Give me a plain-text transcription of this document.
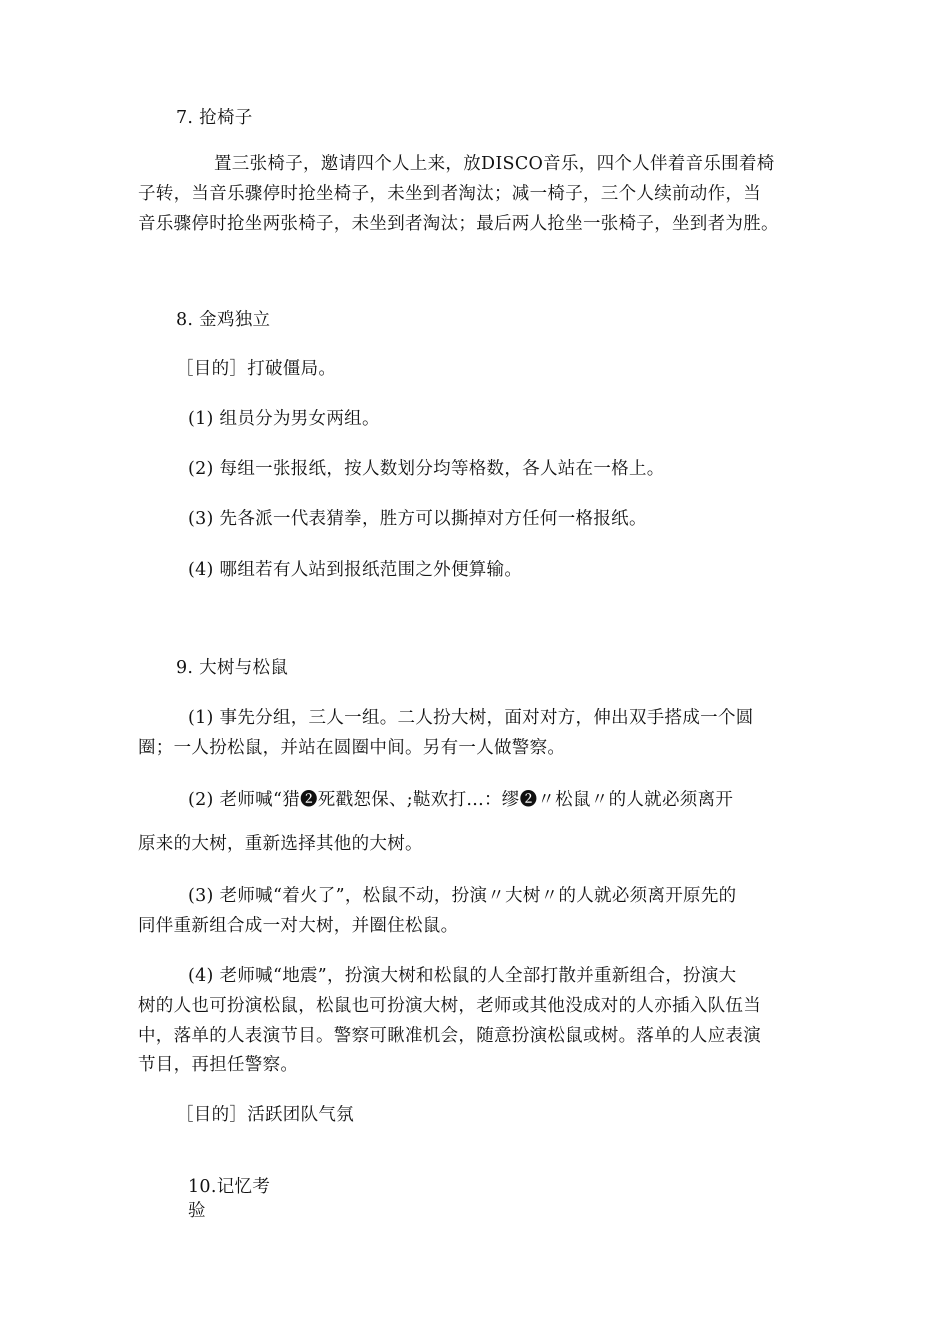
7. 抢椅子
置三张椅子，邀请四个人上来，放DISCO音乐，四个人伴着音乐围着椅
子转，当音乐骤停时抢坐椅子，未坐到者淘汰；减一椅子，三个人续前动作，当
音乐骤停时抢坐两张椅子，未坐到者淘汰；最后两人抢坐一张椅子，坐到者为胜。
8. 金鸡独立
［目的］打破僵局。
(1) 组员分为男女两组。
(2) 每组一张报纸，按人数划分均等格数，各人站在一格上。
(3) 先各派一代表猜拳，胜方可以撕掉对方任何一格报纸。
(4) 哪组若有人站到报纸范围之外便算输。
9. 大树与松鼠
(1) 事先分组，三人一组。二人扮大树，面对对方，伸出双手搭成一个圆
圈；一人扮松鼠，并站在圆圈中间。另有一人做警察。
(2) 老师喊“猎❷死戳恕保、;鞑欢打...：缪❷〃松鼠〃的人就必须离开
原来的大树，重新选择其他的大树。
(3) 老师喊“着火了”，松鼠不动，扮演〃大树〃的人就必须离开原先的
同伴重新组合成一对大树，并圈住松鼠。
(4) 老师喊“地震”，扮演大树和松鼠的人全部打散并重新组合，扮演大
树的人也可扮演松鼠，松鼠也可扮演大树，老师或其他没成对的人亦插入队伍当
中，落单的人表演节目。警察可瞅准机会，随意扮演松鼠或树。落单的人应表演
节目，再担任警察。
［目的］活跃团队气氛
10.记忆考
验
